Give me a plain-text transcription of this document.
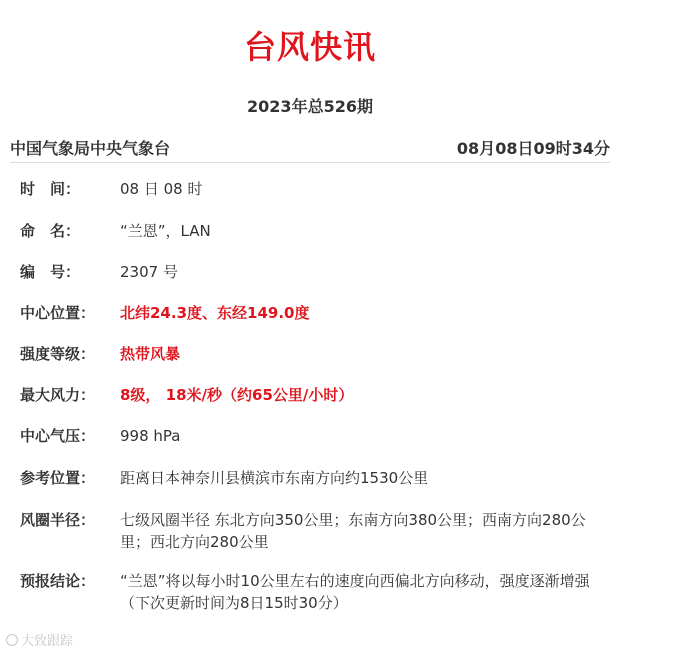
台风快讯
2023年总526期
中国气象局中央气象台	08月08日09时34分
时　间：	08 日 08 时
命　名：	“兰恩”，LAN
编　号：	2307 号
中心位置：	北纬24.3度、东经149.0度
强度等级：	热带风暴
最大风力：	8级， 18米/秒（约65公里/小时）
中心气压：	998 hPa
参考位置：	距离日本神奈川县横滨市东南方向约1530公里
风圈半径：	七级风圈半径 东北方向350公里；东南方向380公里；西南方向280公里；西北方向280公里
预报结论：	“兰恩”将以每小时10公里左右的速度向西偏北方向移动，强度逐渐增强
（下次更新时间为8日15时30分）
大致跟踪
